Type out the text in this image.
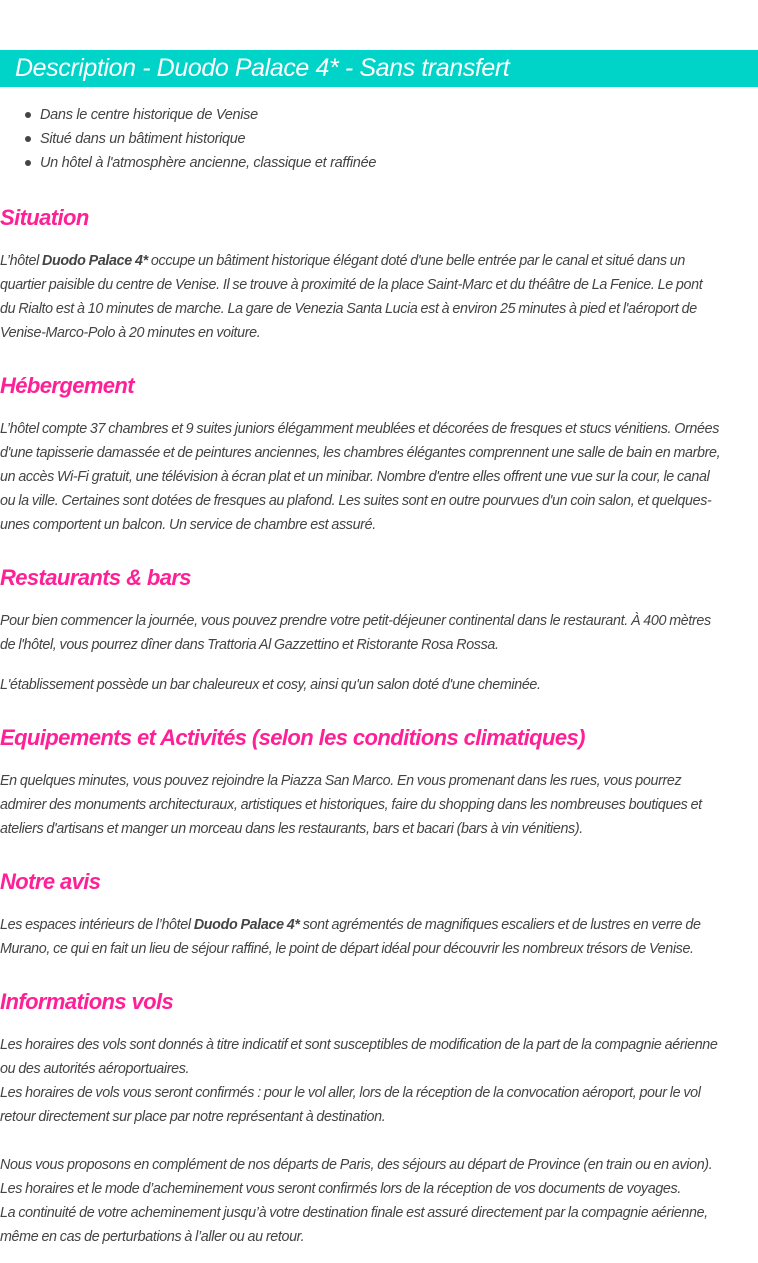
Description - Duodo Palace 4* - Sans transfert
Dans le centre historique de Venise
Situé dans un bâtiment historique
Un hôtel à l'atmosphère ancienne, classique et raffinée
Situation

L’hôtel Duodo Palace 4* occupe un bâtiment historique élégant doté d'une belle entrée par le canal et situé dans un
quartier paisible du centre de Venise. Il se trouve à proximité de la place Saint-Marc et du théâtre de La Fenice. Le pont
du Rialto est à 10 minutes de marche. La gare de Venezia Santa Lucia est à environ 25 minutes à pied et l'aéroport de
Venise-Marco-Polo à 20 minutes en voiture.

Hébergement

L’hôtel compte 37 chambres et 9 suites juniors élégamment meublées et décorées de fresques et stucs vénitiens. Ornées
d'une tapisserie damassée et de peintures anciennes, les chambres élégantes comprennent une salle de bain en marbre,
un accès Wi-Fi gratuit, une télévision à écran plat et un minibar. Nombre d'entre elles offrent une vue sur la cour, le canal
ou la ville. Certaines sont dotées de fresques au plafond. Les suites sont en outre pourvues d'un coin salon, et quelques-
unes comportent un balcon. Un service de chambre est assuré.

Restaurants & bars

Pour bien commencer la journée, vous pouvez prendre votre petit-déjeuner continental dans le restaurant. À 400 mètres
de l'hôtel, vous pourrez dîner dans Trattoria Al Gazzettino et Ristorante Rosa Rossa.

L'établissement possède un bar chaleureux et cosy, ainsi qu'un salon doté d'une cheminée.

Equipements et Activités (selon les conditions climatiques)

En quelques minutes, vous pouvez rejoindre la Piazza San Marco. En vous promenant dans les rues, vous pourrez
admirer des monuments architecturaux, artistiques et historiques, faire du shopping dans les nombreuses boutiques et
ateliers d'artisans et manger un morceau dans les restaurants, bars et bacari (bars à vin vénitiens).

Notre avis

Les espaces intérieurs de l’hôtel Duodo Palace 4* sont agrémentés de magnifiques escaliers et de lustres en verre de
Murano, ce qui en fait un lieu de séjour raffiné, le point de départ idéal pour découvrir les nombreux trésors de Venise.

Informations vols

Les horaires des vols sont donnés à titre indicatif et sont susceptibles de modification de la part de la compagnie aérienne
ou des autorités aéroportuaires.
Les horaires de vols vous seront confirmés : pour le vol aller, lors de la réception de la convocation aéroport, pour le vol
retour directement sur place par notre représentant à destination.

Nous vous proposons en complément de nos départs de Paris, des séjours au départ de Province (en train ou en avion).
Les horaires et le mode d’acheminement vous seront confirmés lors de la réception de vos documents de voyages.
La continuité de votre acheminement jusqu’à votre destination finale est assuré directement par la compagnie aérienne,
même en cas de perturbations à l’aller ou au retour.
